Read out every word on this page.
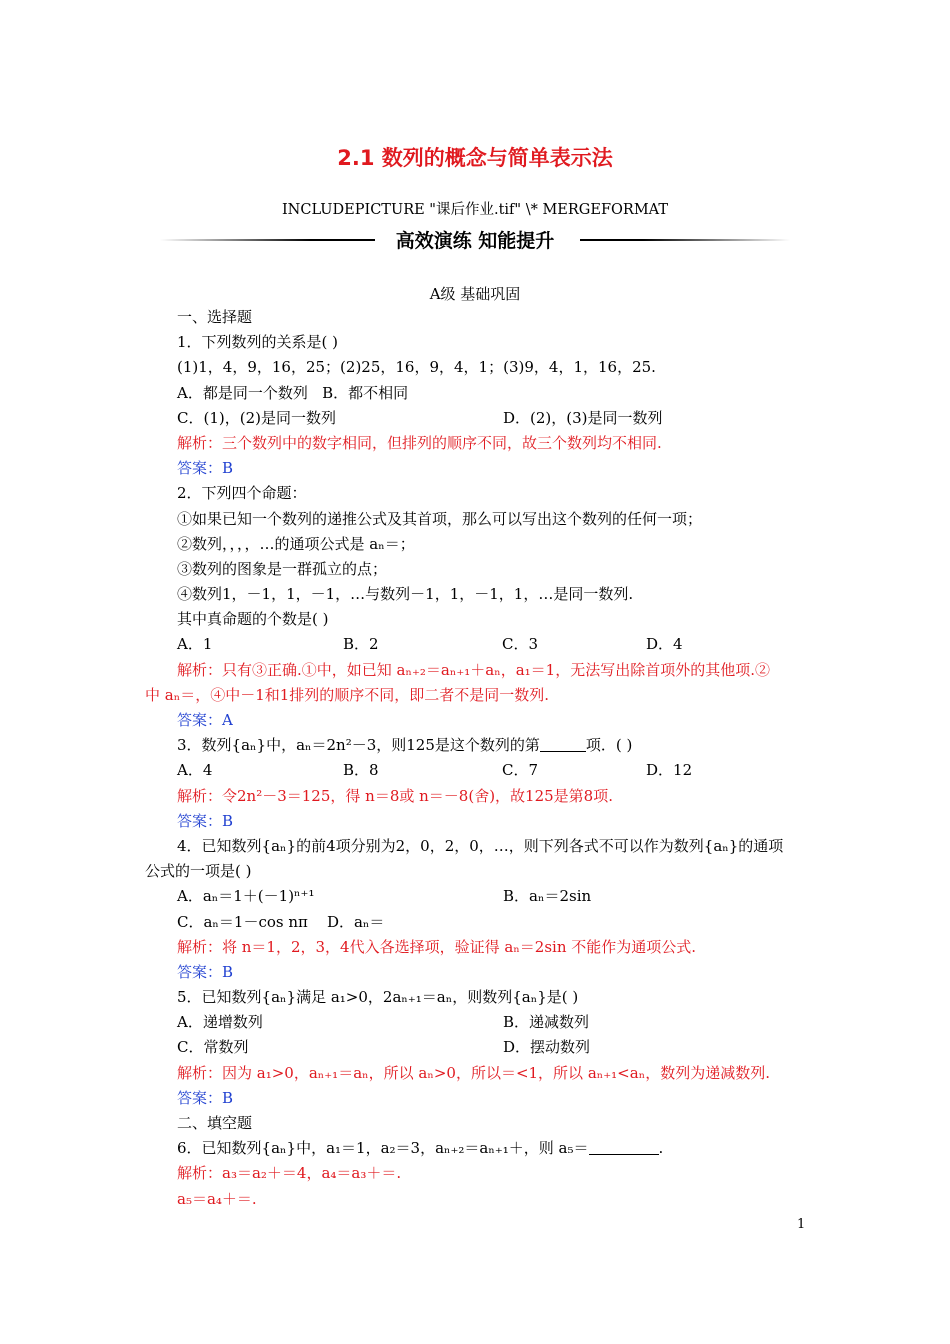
2.1 数列的概念与简单表示法
INCLUDEPICTURE "课后作业.tif" \* MERGEFORMAT
高效演练 知能提升
A级 基础巩固
一、选择题
1．下列数列的关系是( )
(1)1，4，9，16，25；(2)25，16，9，4，1；(3)9，4，1，16，25.
A．都是同一个数列 B．都不相同
C．(1)，(2)是同一数列	D．(2)，(3)是同一数列
解析：三个数列中的数字相同，但排列的顺序不同，故三个数列均不相同.
答案：B
2．下列四个命题：
①如果已知一个数列的递推公式及其首项，那么可以写出这个数列的任何一项；
②数列，，，，…的通项公式是 aₙ＝；
③数列的图象是一群孤立的点；
④数列1，－1，1，－1，…与数列－1，1，－1，1，…是同一数列.
其中真命题的个数是( )
A．1	B．2	C．3	D．4
解析：只有③正确.①中，如已知 aₙ₊₂＝aₙ₊₁＋aₙ，a₁＝1，无法写出除首项外的其他项.②
中 aₙ＝，④中－1和1排列的顺序不同，即二者不是同一数列.
答案：A
3．数列{aₙ}中，aₙ＝2n²－3，则125是这个数列的第	项．( )
A．4	B．8	C．7	D．12
解析：令2n²－3＝125，得 n＝8或 n＝－8(舍)，故125是第8项.
答案：B
4．已知数列{aₙ}的前4项分别为2，0，2，0，…，则下列各式不可以作为数列{aₙ}的通项
公式的一项是( )
A．aₙ＝1＋(－1)ⁿ⁺¹	B．aₙ＝2sin
C．aₙ＝1－cos nπ D．aₙ＝
解析：将 n＝1，2，3，4代入各选择项，验证得 aₙ＝2sin 不能作为通项公式.
答案：B
5．已知数列{aₙ}满足 a₁>0，2aₙ₊₁＝aₙ，则数列{aₙ}是( )
A．递增数列	B．递减数列
C．常数列	D．摆动数列
解析：因为 a₁>0，aₙ₊₁＝aₙ，所以 aₙ>0，所以＝<1，所以 aₙ₊₁<aₙ，数列为递减数列.
答案：B
二、填空题
6．已知数列{aₙ}中，a₁＝1，a₂＝3，aₙ₊₂＝aₙ₊₁＋，则 a₅＝	.
解析：a₃＝a₂＋＝4，a₄＝a₃＋＝.
a₅＝a₄＋＝.
1
